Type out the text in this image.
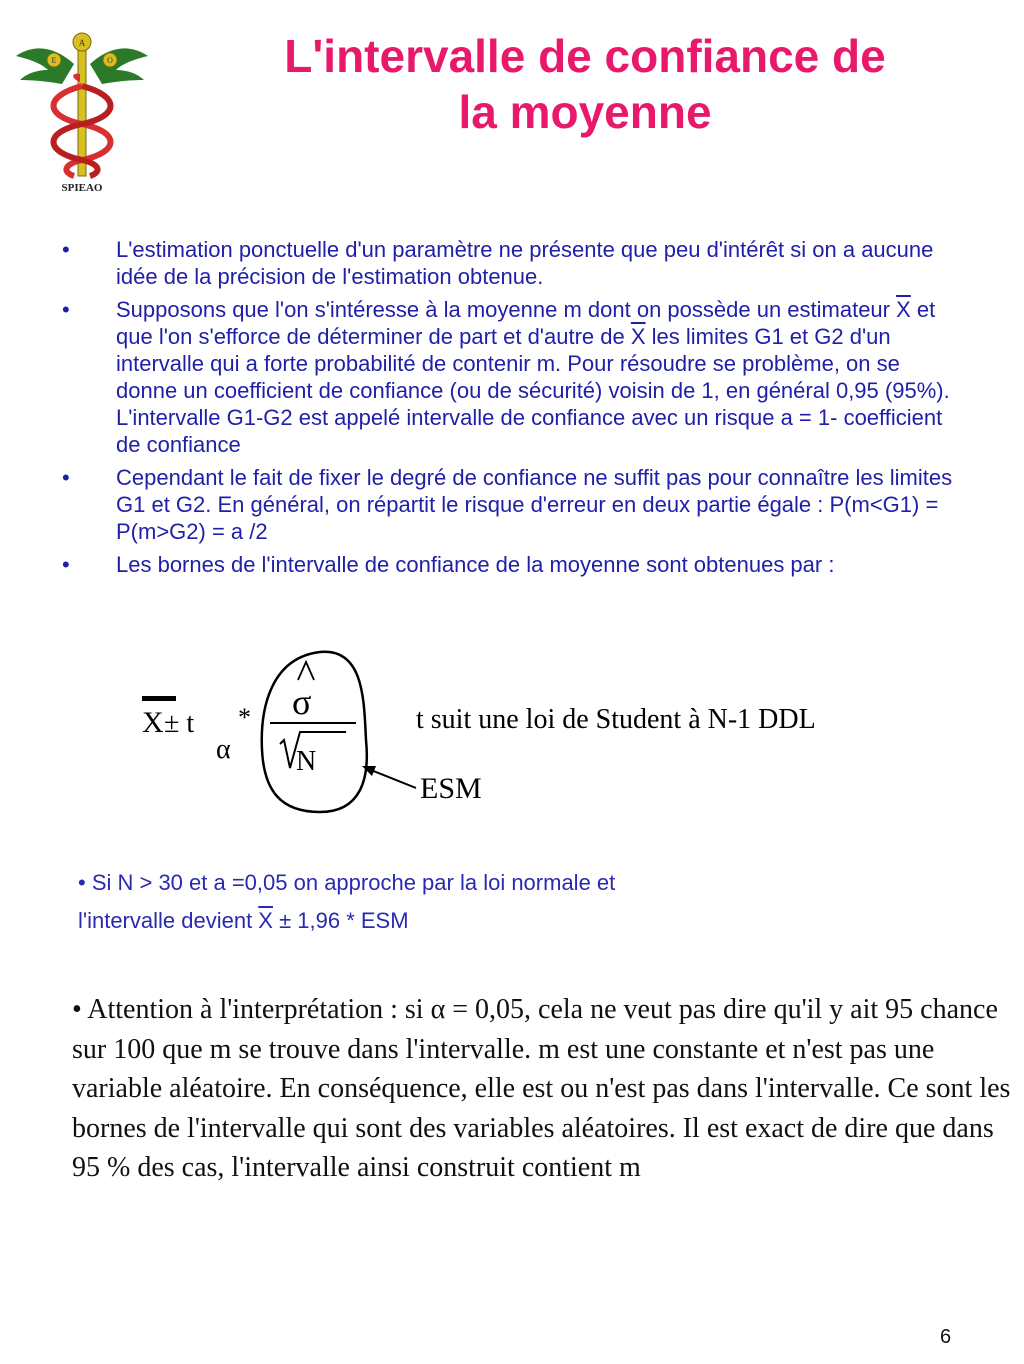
A
E	O
SPIEAO
L'intervalle de confiance de
la moyenne
• L'estimation ponctuelle d'un paramètre ne présente que peu d'intérêt si on a aucune idée de la précision de l'estimation obtenue.
• Supposons que l'on s'intéresse à la moyenne m dont on possède un estimateur $\overline{X}$ et que l'on s'efforce de déterminer de part et d'autre de $\overline{X}$ les limites G1 et G2 d'un intervalle qui a forte probabilité de contenir m. Pour résoudre se problème, on se donne un coefficient de confiance (ou de sécurité) voisin de 1, en général 0,95 (95%). L'intervalle G1-G2 est appelé intervalle de confiance avec un risque a = 1- coefficient de confiance
• Cependant le fait de fixer le degré de confiance ne suffit pas pour connaître les limites G1 et G2. En général, on répartit le risque d'erreur en deux partie égale : P(m<G1) = P(m>G2) = a /2
• Les bornes de l'intervalle de confiance de la moyenne sont obtenues par :
X ± t
α
* σ
N
t suit une loi de Student à N-1 DDL
ESM
• Si N > 30 et a =0,05 on approche par la loi normale et
l'intervalle devient $\overline{X} \pm 1,96$ * ESM
• Attention à l'interprétation : si α = 0,05, cela ne veut pas dire qu'il y ait 95 chance sur 100 que m se trouve dans l'intervalle. m est une constante et n'est pas une variable aléatoire. En conséquence, elle est ou n'est pas dans l'intervalle. Ce sont les bornes de l'intervalle qui sont des variables aléatoires. Il est exact de dire que dans 95 % des cas, l'intervalle ainsi construit contient m
6
